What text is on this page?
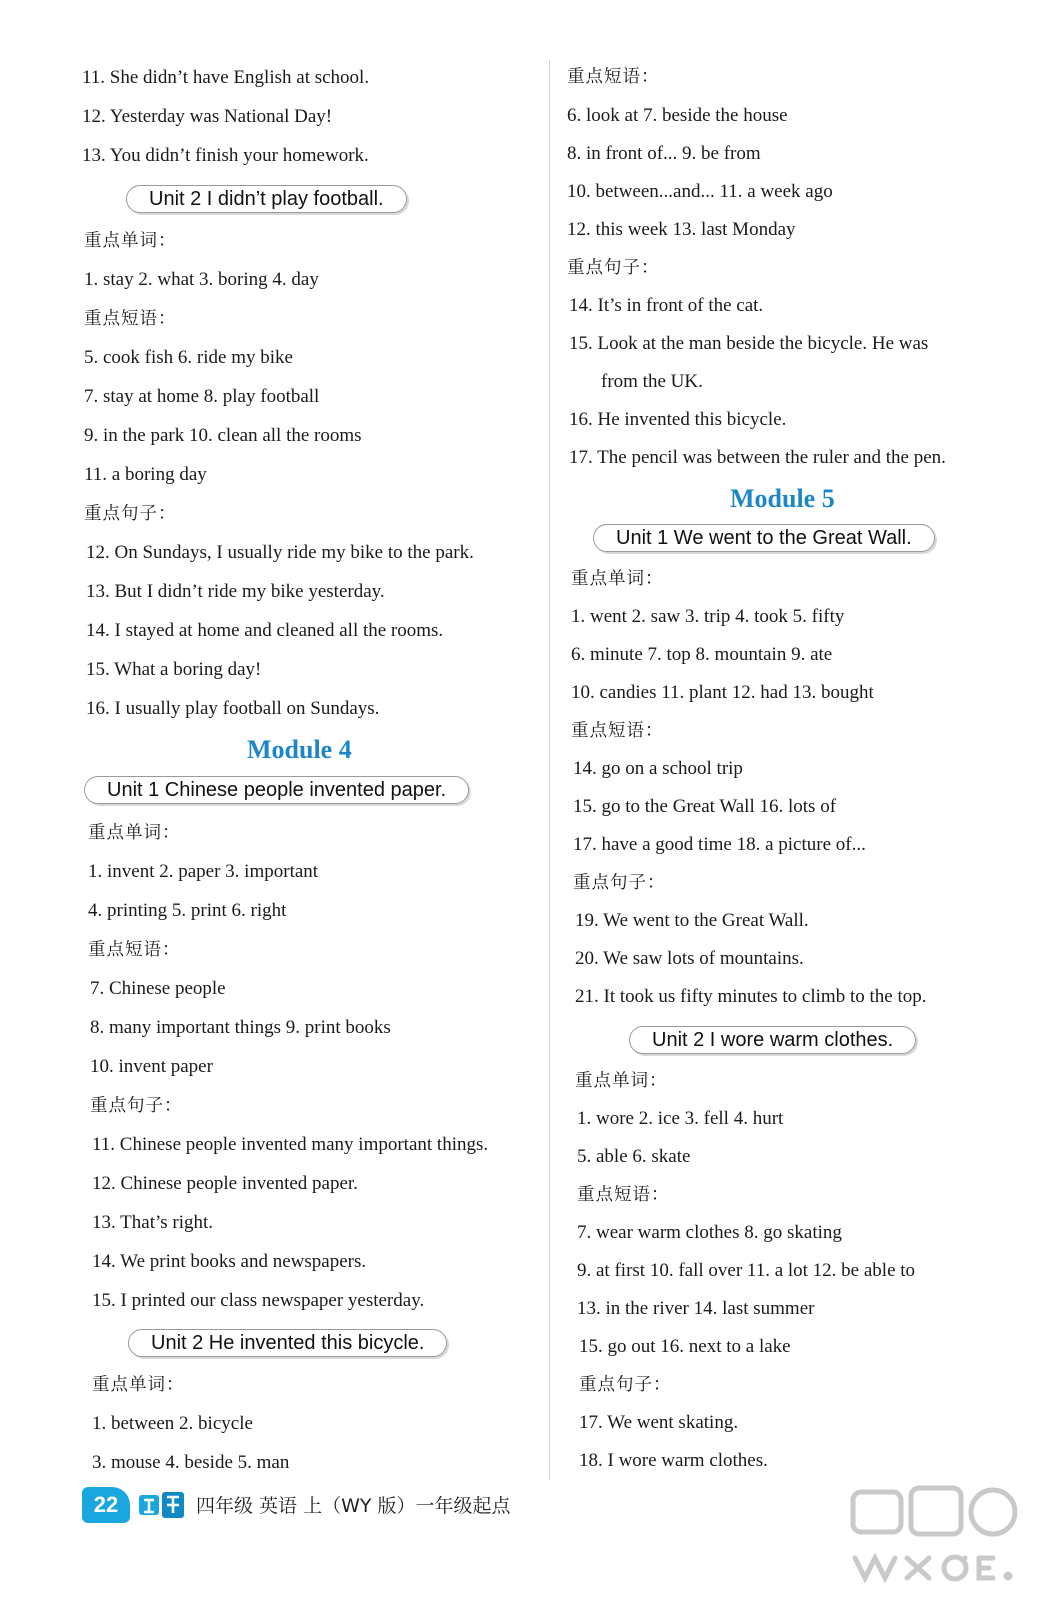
11. She didn’t have English at school.
12. Yesterday was National Day!
13. You didn’t finish your homework.
Unit 2 I didn’t play football.
重点单词：
1. stay 2. what 3. boring 4. day
重点短语：
5. cook fish 6. ride my bike
7. stay at home 8. play football
9. in the park 10. clean all the rooms
11. a boring day
重点句子：
12. On Sundays, I usually ride my bike to the park.
13. But I didn’t ride my bike yesterday.
14. I stayed at home and cleaned all the rooms.
15. What a boring day!
16. I usually play football on Sundays.
Module 4
Unit 1 Chinese people invented paper.
重点单词：
1. invent 2. paper 3. important
4. printing 5. print 6. right
重点短语：
7. Chinese people
8. many important things 9. print books
10. invent paper
重点句子：
11. Chinese people invented many important things.
12. Chinese people invented paper.
13. That’s right.
14. We print books and newspapers.
15. I printed our class newspaper yesterday.
Unit 2 He invented this bicycle.
重点单词：
1. between 2. bicycle
3. mouse 4. beside 5. man
重点短语：
6. look at 7. beside the house
8. in front of... 9. be from
10. between...and... 11. a week ago
12. this week 13. last Monday
重点句子：
14. It’s in front of the cat.
15. Look at the man beside the bicycle. He was
from the UK.
16. He invented this bicycle.
17. The pencil was between the ruler and the pen.
Module 5
Unit 1 We went to the Great Wall.
重点单词：
1. went 2. saw 3. trip 4. took 5. fifty
6. minute 7. top 8. mountain 9. ate
10. candies 11. plant 12. had 13. bought
重点短语：
14. go on a school trip
15. go to the Great Wall 16. lots of
17. have a good time 18. a picture of...
重点句子：
19. We went to the Great Wall.
20. We saw lots of mountains.
21. It took us fifty minutes to climb to the top.
Unit 2 I wore warm clothes.
重点单词：
1. wore 2. ice 3. fell 4. hurt
5. able 6. skate
重点短语：
7. wear warm clothes 8. go skating
9. at first 10. fall over 11. a lot 12. be able to
13. in the river 14. last summer
15. go out 16. next to a lake
重点句子：
17. We went skating.
18. I wore warm clothes.
22	四年级 英语 上（WY 版）一年级起点
